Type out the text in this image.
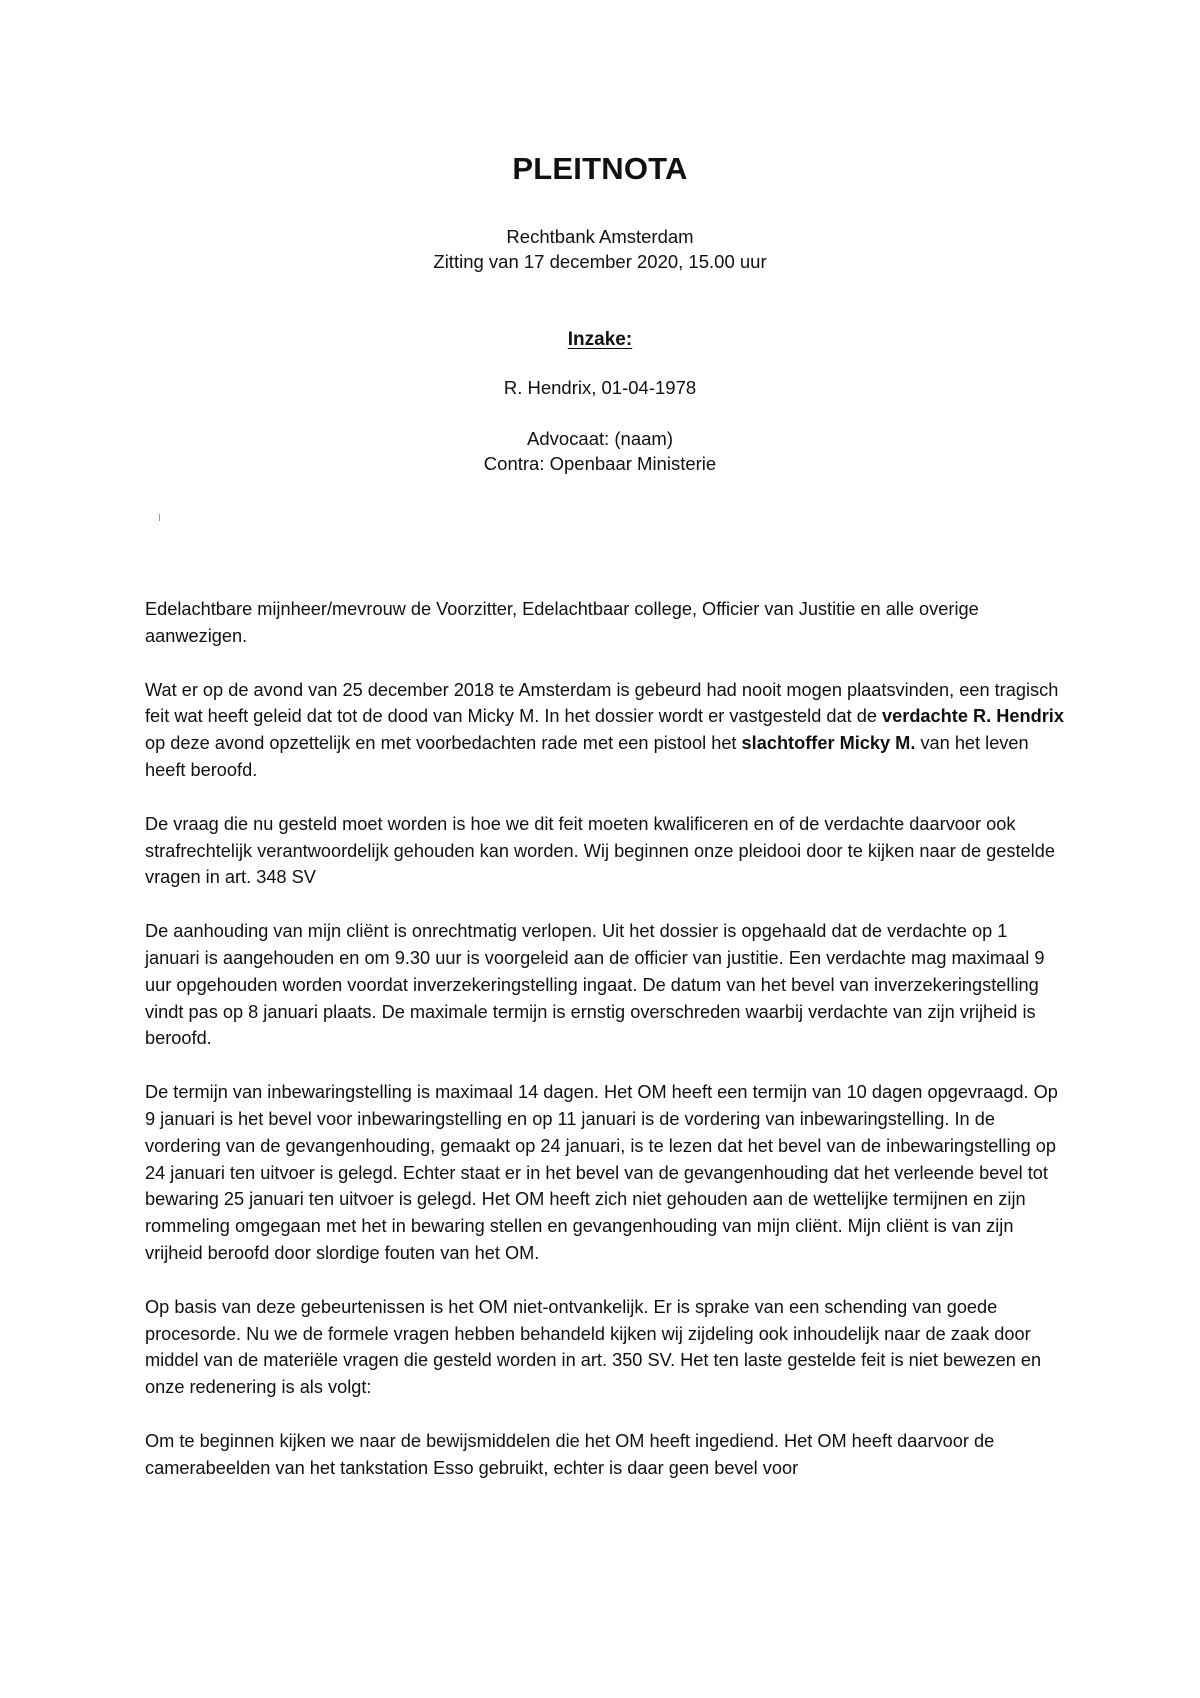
PLEITNOTA
Rechtbank Amsterdam
Zitting van 17 december 2020, 15.00 uur
Inzake:
R. Hendrix, 01-04-1978
Advocaat: (naam)
Contra: Openbaar Ministerie

Edelachtbare mijnheer/mevrouw de Voorzitter, Edelachtbaar college, Officier van Justitie en alle overige aanwezigen.

Wat er op de avond van 25 december 2018 te Amsterdam is gebeurd had nooit mogen plaatsvinden, een tragisch feit wat heeft geleid dat tot de dood van Micky M. In het dossier wordt er vastgesteld dat de verdachte R. Hendrix op deze avond opzettelijk en met voorbedachten rade met een pistool het slachtoffer Micky M. van het leven heeft beroofd.

De vraag die nu gesteld moet worden is hoe we dit feit moeten kwalificeren en of de verdachte daarvoor ook strafrechtelijk verantwoordelijk gehouden kan worden. Wij beginnen onze pleidooi door te kijken naar de gestelde vragen in art. 348 SV

De aanhouding van mijn cliënt is onrechtmatig verlopen. Uit het dossier is opgehaald dat de verdachte op 1 januari is aangehouden en om 9.30 uur is voorgeleid aan de officier van justitie. Een verdachte mag maximaal 9 uur opgehouden worden voordat inverzekeringstelling ingaat. De datum van het bevel van inverzekeringstelling vindt pas op 8 januari plaats. De maximale termijn is ernstig overschreden waarbij verdachte van zijn vrijheid is beroofd.

De termijn van inbewaringstelling is maximaal 14 dagen. Het OM heeft een termijn van 10 dagen opgevraagd. Op 9 januari is het bevel voor inbewaringstelling en op 11 januari is de vordering van inbewaringstelling. In de vordering van de gevangenhouding, gemaakt op 24 januari, is te lezen dat het bevel van de inbewaringstelling op 24 januari ten uitvoer is gelegd. Echter staat er in het bevel van de gevangenhouding dat het verleende bevel tot bewaring 25 januari ten uitvoer is gelegd. Het OM heeft zich niet gehouden aan de wettelijke termijnen en zijn rommeling omgegaan met het in bewaring stellen en gevangenhouding van mijn cliënt. Mijn cliënt is van zijn vrijheid beroofd door slordige fouten van het OM.

Op basis van deze gebeurtenissen is het OM niet-ontvankelijk. Er is sprake van een schending van goede procesorde. Nu we de formele vragen hebben behandeld kijken wij zijdeling ook inhoudelijk naar de zaak door middel van de materiële vragen die gesteld worden in art. 350 SV. Het ten laste gestelde feit is niet bewezen en onze redenering is als volgt:

Om te beginnen kijken we naar de bewijsmiddelen die het OM heeft ingediend. Het OM heeft daarvoor de camerabeelden van het tankstation Esso gebruikt, echter is daar geen bevel voor
